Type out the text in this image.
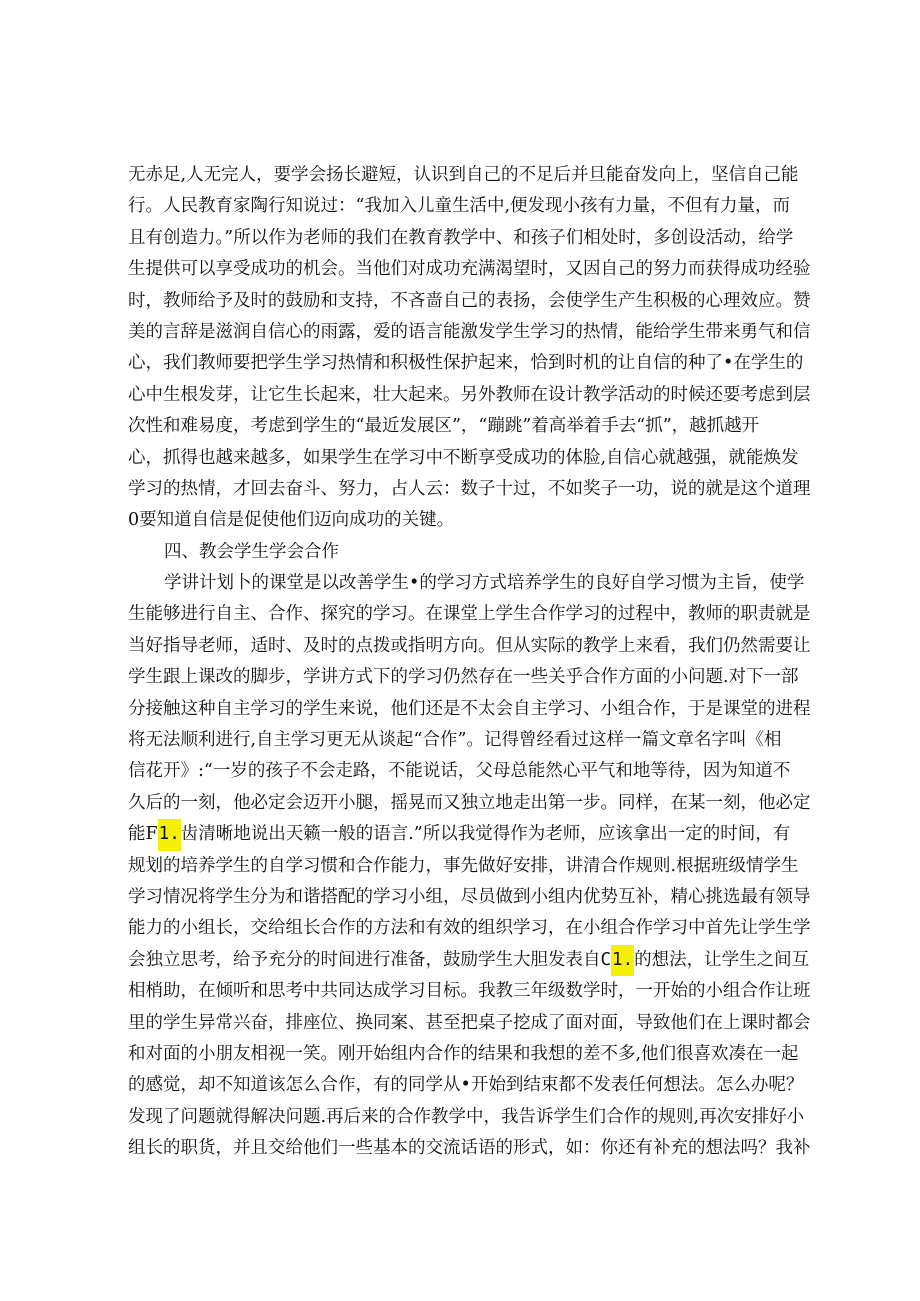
无赤足,人无完人，要学会扬长避短，认识到自己的不足后并旦能奋发向上，坚信自己能
行。人民教育家陶行知说过：“我加入儿童生活中,便发现小孩有力量，不但有力量，而
且有创造力。”所以作为老师的我们在教育教学中、和孩子们相处时，多创设活动，给学
生提供可以享受成功的机会。当他们对成功充满渴望时，又因自己的努力而获得成功经验
时，教师给予及时的鼓励和支持，不吝啬自己的表扬，会使学生产生积极的心理效应。赞
美的言辞是滋润自信心的雨露，爱的语言能激发学生学习的热情，能给学生带来勇气和信
心，我们教师要把学生学习热情和积极性保护起来，恰到时机的让自信的种了•在学生的
心中生根发芽，让它生长起来，壮大起来。另外教师在设计教学活动的时候还要考虑到层
次性和难易度，考虑到学生的“最近发展区”，“蹦跳”着高举着手去“抓”，越抓越开
心，抓得也越来越多，如果学生在学习中不断享受成功的体脸,自信心就越强，就能焕发
学习的热情，才回去奋斗、努力，占人云：数子十过，不如奖子一功，说的就是这个道理
0要知道自信是促使他们迈向成功的关键。
四、教会学生学会合作
学讲计划卜的课堂是以改善学生•的学习方式培养学生的良好自学习惯为主旨，使学
生能够进行自主、合作、探究的学习。在课堂上学生合作学习的过程中，教师的职责就是
当好指导老师，适时、及时的点拨或指明方向。但从实际的教学上来看，我们仍然需要让
学生跟上课改的脚步，学讲方式下的学习仍然存在一些关乎合作方面的小问题.对下一部
分接触这种自主学习的学生来说，他们还是不太会自主学习、小组合作，于是课堂的进程
将无法顺利进行,自主学习更无从谈起“合作”。记得曾经看过这样一篇文章名字叫《相
信花开》:“一岁的孩子不会走路，不能说话，父母总能然心平气和地等待，因为知道不
久后的一刻，他必定会迈开小腿，摇晃而又独立地走出第一步。同样，在某一刻，他必定
能F 1. 齿清晰地说出天籁一般的语言.”所以我觉得作为老师，应该拿出一定的时间，有
规划的培养学生的自学习惯和合作能力，事先做好安排，讲清合作规则.根据班级情学生
学习情况将学生分为和谐搭配的学习小组，尽员做到小组内优势互补，精心挑选最有领导
能力的小组长，交给组长合作的方法和有效的组织学习，在小组合作学习中首先让学生学
会独立思考，给予充分的时间进行准备，鼓励学生大胆发表自 C 1. 的想法，让学生之间互
相梢助，在倾听和思考中共同达成学习目标。我教三年级数学时，一开始的小组合作让班
里的学生异常兴奋，排座位、换同案、甚至把桌子挖成了面对面，导致他们在上课时都会
和对面的小朋友相视一笑。刚开始组内合作的结果和我想的差不多,他们很喜欢凑在一起
的感觉，却不知道该怎么合作，有的同学从•开始到结束都不发表任何想法。怎么办呢？
发现了问题就得解决问题.再后来的合作教学中，我告诉学生们合作的规则,再次安排好小
组长的职货，并且交给他们一些基本的交流话语的形式，如：你还有补充的想法吗？我补
